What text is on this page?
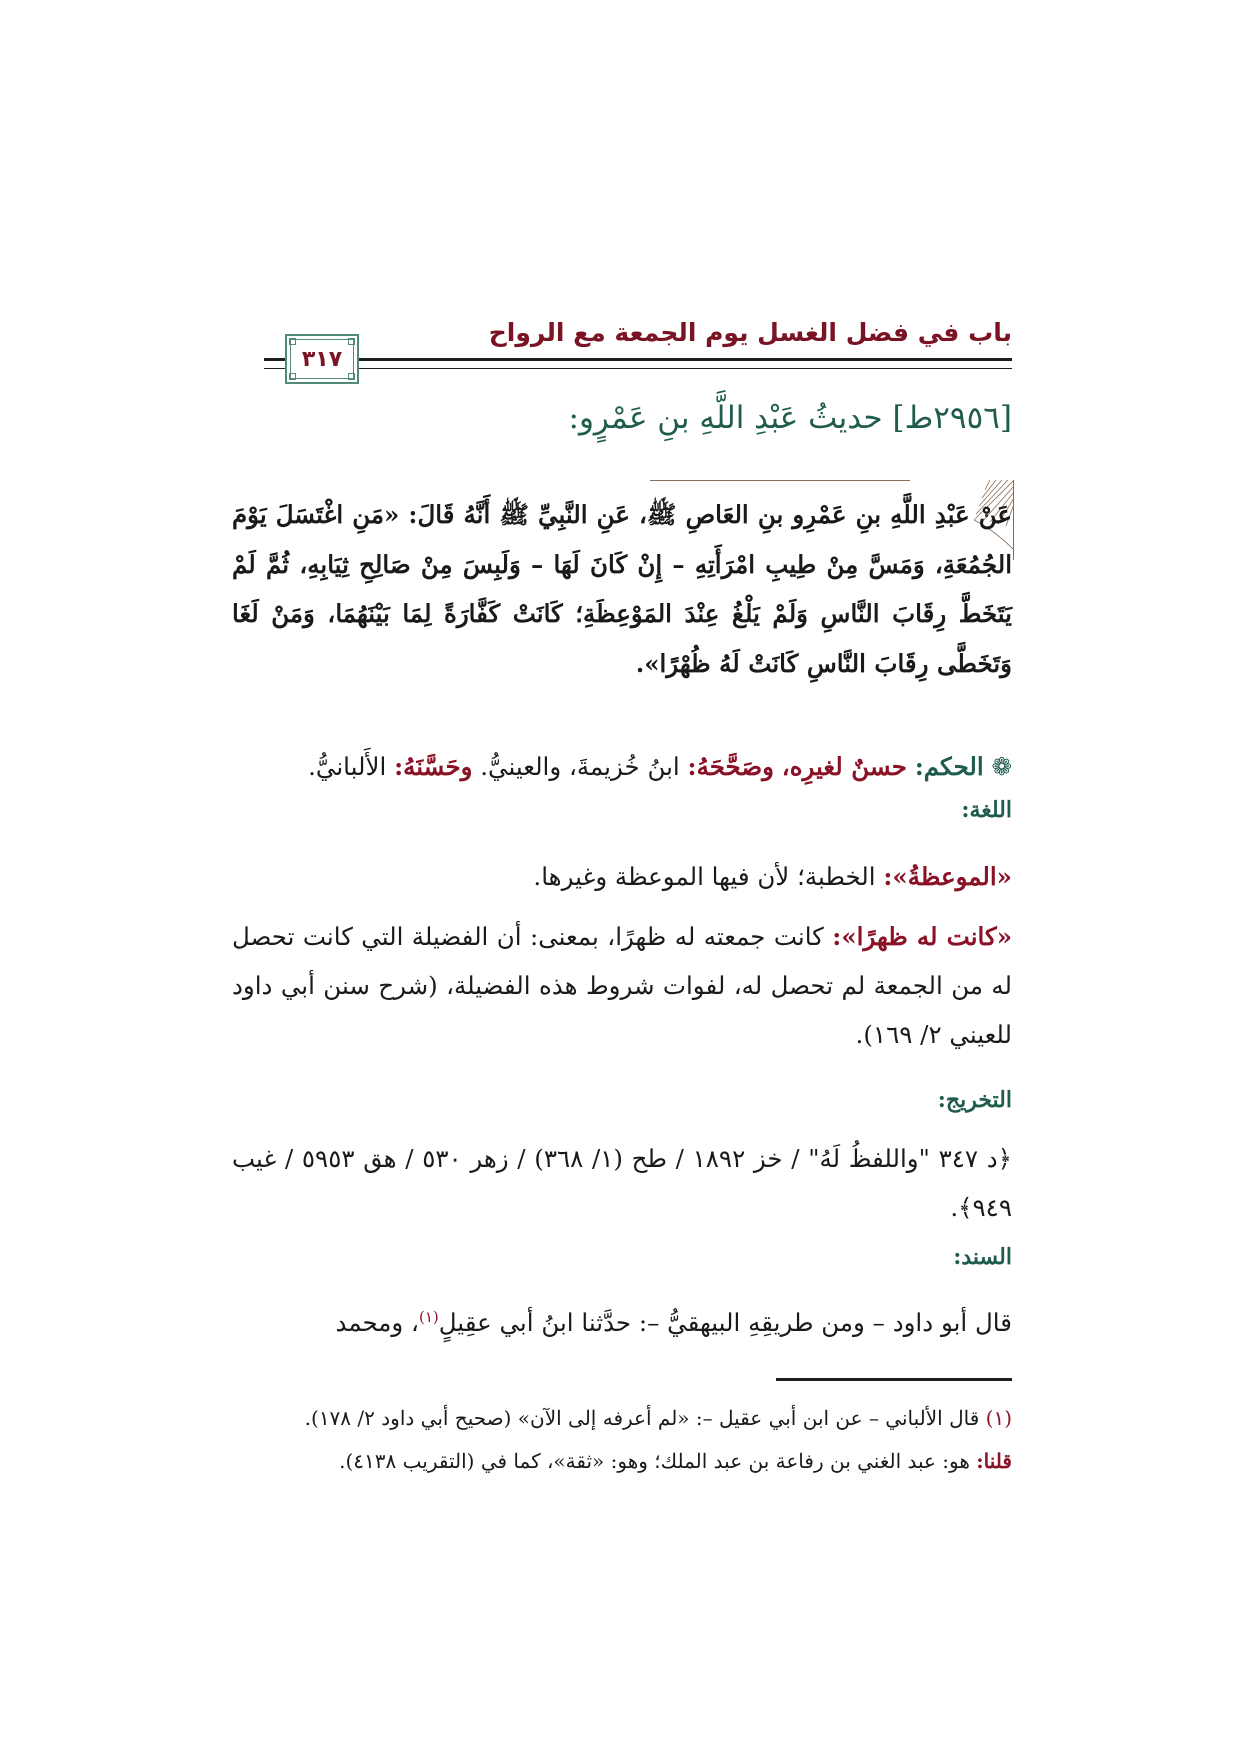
باب في فضل الغسل يوم الجمعة مع الرواح
٣١٧
[٢٩٥٦ط] حديثُ عَبْدِ اللَّهِ بنِ عَمْرٍو:
عَنْ عَبْدِ اللَّهِ بنِ عَمْرِو بنِ العَاصِ ﷺ، عَنِ النَّبِيِّ ﷺ أَنَّهُ قَالَ: «مَنِ اغْتَسَلَ يَوْمَ الجُمُعَةِ، وَمَسَّ مِنْ طِيبِ امْرَأَتِهِ – إِنْ كَانَ لَهَا – وَلَبِسَ مِنْ صَالِحِ ثِيَابِهِ، ثُمَّ لَمْ يَتَخَطَّ رِقَابَ النَّاسِ وَلَمْ يَلْغُ عِنْدَ المَوْعِظَةِ؛ كَانَتْ كَفَّارَةً لِمَا بَيْنَهُمَا، وَمَنْ لَغَا وَتَخَطَّى رِقَابَ النَّاسِ كَانَتْ لَهُ ظُهْرًا».
❁ الحكم: حسنٌ لغيرِه، وصَحَّحَهُ: ابنُ خُزيمةَ، والعينيُّ. وحَسَّنَهُ: الأَلبانيُّ.
اللغة:
«الموعظةُ»: الخطبة؛ لأن فيها الموعظة وغيرها.
«كانت له ظهرًا»: كانت جمعته له ظهرًا، بمعنى: أن الفضيلة التي كانت تحصل له من الجمعة لم تحصل له، لفوات شروط هذه الفضيلة، (شرح سنن أبي داود للعيني ٢/ ١٦٩).
التخريج:
﴿د ٣٤٧ "واللفظُ لَهُ" / خز ١٨٩٢ / طح (١/ ٣٦٨) / زهر ٥٣٠ / هق ٥٩٥٣ / غيب ٩٤٩﴾.
السند:
قال أبو داود – ومن طريقِهِ البيهقيُّ –: حدَّثنا ابنُ أبي عقِيلٍ$^{(١)}$، ومحمد
(١) قال الألباني – عن ابن أبي عقيل –: «لم أعرفه إلى الآن» (صحيح أبي داود ٢/ ١٧٨).
قلنا: هو: عبد الغني بن رفاعة بن عبد الملك؛ وهو: «ثقة»، كما في (التقريب ٤١٣٨).
